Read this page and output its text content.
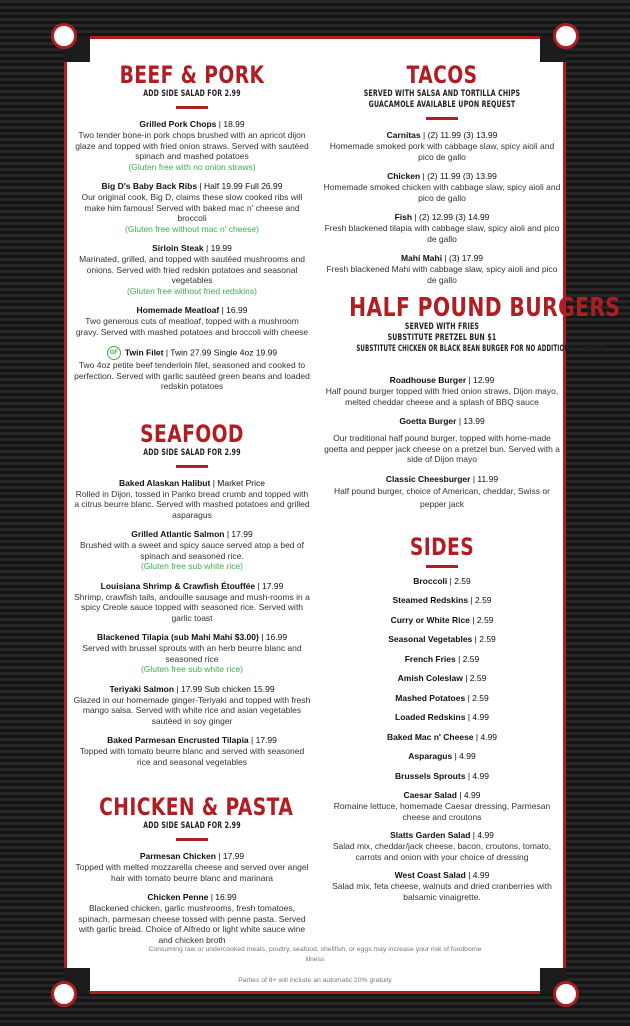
BEEF & PORK
ADD SIDE SALAD FOR 2.99
Grilled Pork Chops | 18.99
Two tender bone-in pork chops brushed with an apricot dijon glaze and topped with fried onion straws. Served with sautéed spinach and mashed potatoes
(Gluten free with no onion straws)
Big D's Baby Back Ribs | Half 19.99 Full 26.99
Our original cook, Big D, claims these slow cooked ribs will make him famous! Served with baked mac n' cheese and broccoli
(Gluten free without mac n' cheese)
Sirloin Steak | 19.99
Marinated, grilled, and topped with sautéed mushrooms and onions. Served with fried redskin potatoes and seasonal vegetables
(Gluten free without fried redskins)
Homemade Meatloaf | 16.99
Two generous cuts of meatloaf, topped with a mushroom gravy. Served with mashed potatoes and broccoli with cheese
GF Twin Filet | Twin 27.99 Single 4oz 19.99
Two 4oz petite beef tenderloin filet, seasoned and cooked to perfection. Served with garlic sautéed green beans and loaded redskin potatoes
SEAFOOD
ADD SIDE SALAD FOR 2.99
Baked Alaskan Halibut | Market Price
Rolled in Dijon, tossed in Panko bread crumb and topped with a citrus beurre blanc. Served with mashed potatoes and grilled asparagus
Grilled Atlantic Salmon | 17.99
Brushed with a sweet and spicy sauce served atop a bed of spinach and seasoned rice.
(Gluten free sub white rice)
Louisiana Shrimp & Crawfish Étouffée | 17.99
Shrimp, crawfish tails, andouille sausage and mush-rooms in a spicy Creole sauce topped with seasoned rice. Served with garlic toast
Blackened Tilapia (sub Mahi Mahi $3.00) | 16.99
Served with brussel sprouts with an herb beurre blanc and seasoned rice
(Gluten free sub white rice)
Teriyaki Salmon | 17.99 Sub chicken 15.99
Glazed in our homemade ginger-Teriyaki and topped with fresh mango salsa. Served with white rice and asian vegetables sautéed in soy ginger
Baked Parmesan Encrusted Tilapia | 17.99
Topped with tomato beurre blanc and served with seasoned rice and seasonal vegetables
CHICKEN & PASTA
ADD SIDE SALAD FOR 2.99
Parmesan Chicken | 17.99
Topped with melted mozzarella cheese and served over angel hair with tomato beurre blanc and marinara
Chicken Penne | 16.99
Blackened chicken, garlic mushrooms, fresh tomatoes, spinach, parmesan cheese tossed with penne pasta. Served with garlic bread. Choice of Alfredo or light white sauce wine and chicken broth
TACOS
SERVED WITH SALSA AND TORTILLA CHIPS
GUACAMOLE AVAILABLE UPON REQUEST
Carnitas | (2) 11.99 (3) 13.99
Homemade smoked pork with cabbage slaw, spicy aioli and pico de gallo
Chicken | (2) 11.99 (3) 13.99
Homemade smoked chicken with cabbage slaw, spicy aioli and pico de gallo
Fish | (2) 12.99 (3) 14.99
Fresh blackened tilapia with cabbage slaw, spicy aioli and pico de gallo
Mahi Mahi | (3) 17.99
Fresh blackened Mahi with cabbage slaw, spicy aioli and pico de gallo
HALF POUND BURGERS
SERVED WITH FRIES
SUBSTITUTE PRETZEL BUN $1
SUBSTITUTE CHICKEN OR BLACK BEAN BURGER FOR NO ADDITIONAL CHARGE
Roadhouse Burger | 12.99
Half pound burger topped with fried onion straws, Dijon mayo, melted cheddar cheese and a splash of BBQ sauce
Goetta Burger | 13.99
Our traditional half pound burger, topped with home-made goetta and pepper jack cheese on a pretzel bun. Served with a side of Dijon mayo
Classic Cheesburger | 11.99
Half pound burger, choice of American, cheddar, Swiss or pepper jack
SIDES
Broccoli | 2.59
Steamed Redskins | 2.59
Curry or White Rice | 2.59
Seasonal Vegetables | 2.59
French Fries | 2.59
Amish Coleslaw | 2.59
Mashed Potatoes | 2.59
Loaded Redskins | 4.99
Baked Mac n' Cheese | 4.99
Asparagus | 4.99
Brussels Sprouts | 4.99
Caesar Salad | 4.99
Romaine lettuce, homemade Caesar dressing, Parmesan cheese and croutons
Slatts Garden Salad | 4.99
Salad mix, cheddar/jack cheese, bacon, croutons, tomato, carrots and onion with your choice of dressing
West Coast Salad | 4.99
Salad mix, feta cheese, walnuts and dried cranberries with balsamic vinaigrette.
Consuming raw or undercooked meats, poultry, seafood, shellfish, or eggs may increase your risk of foodborne illness
Parties of 8+ will include an automatic 20% gratuity
